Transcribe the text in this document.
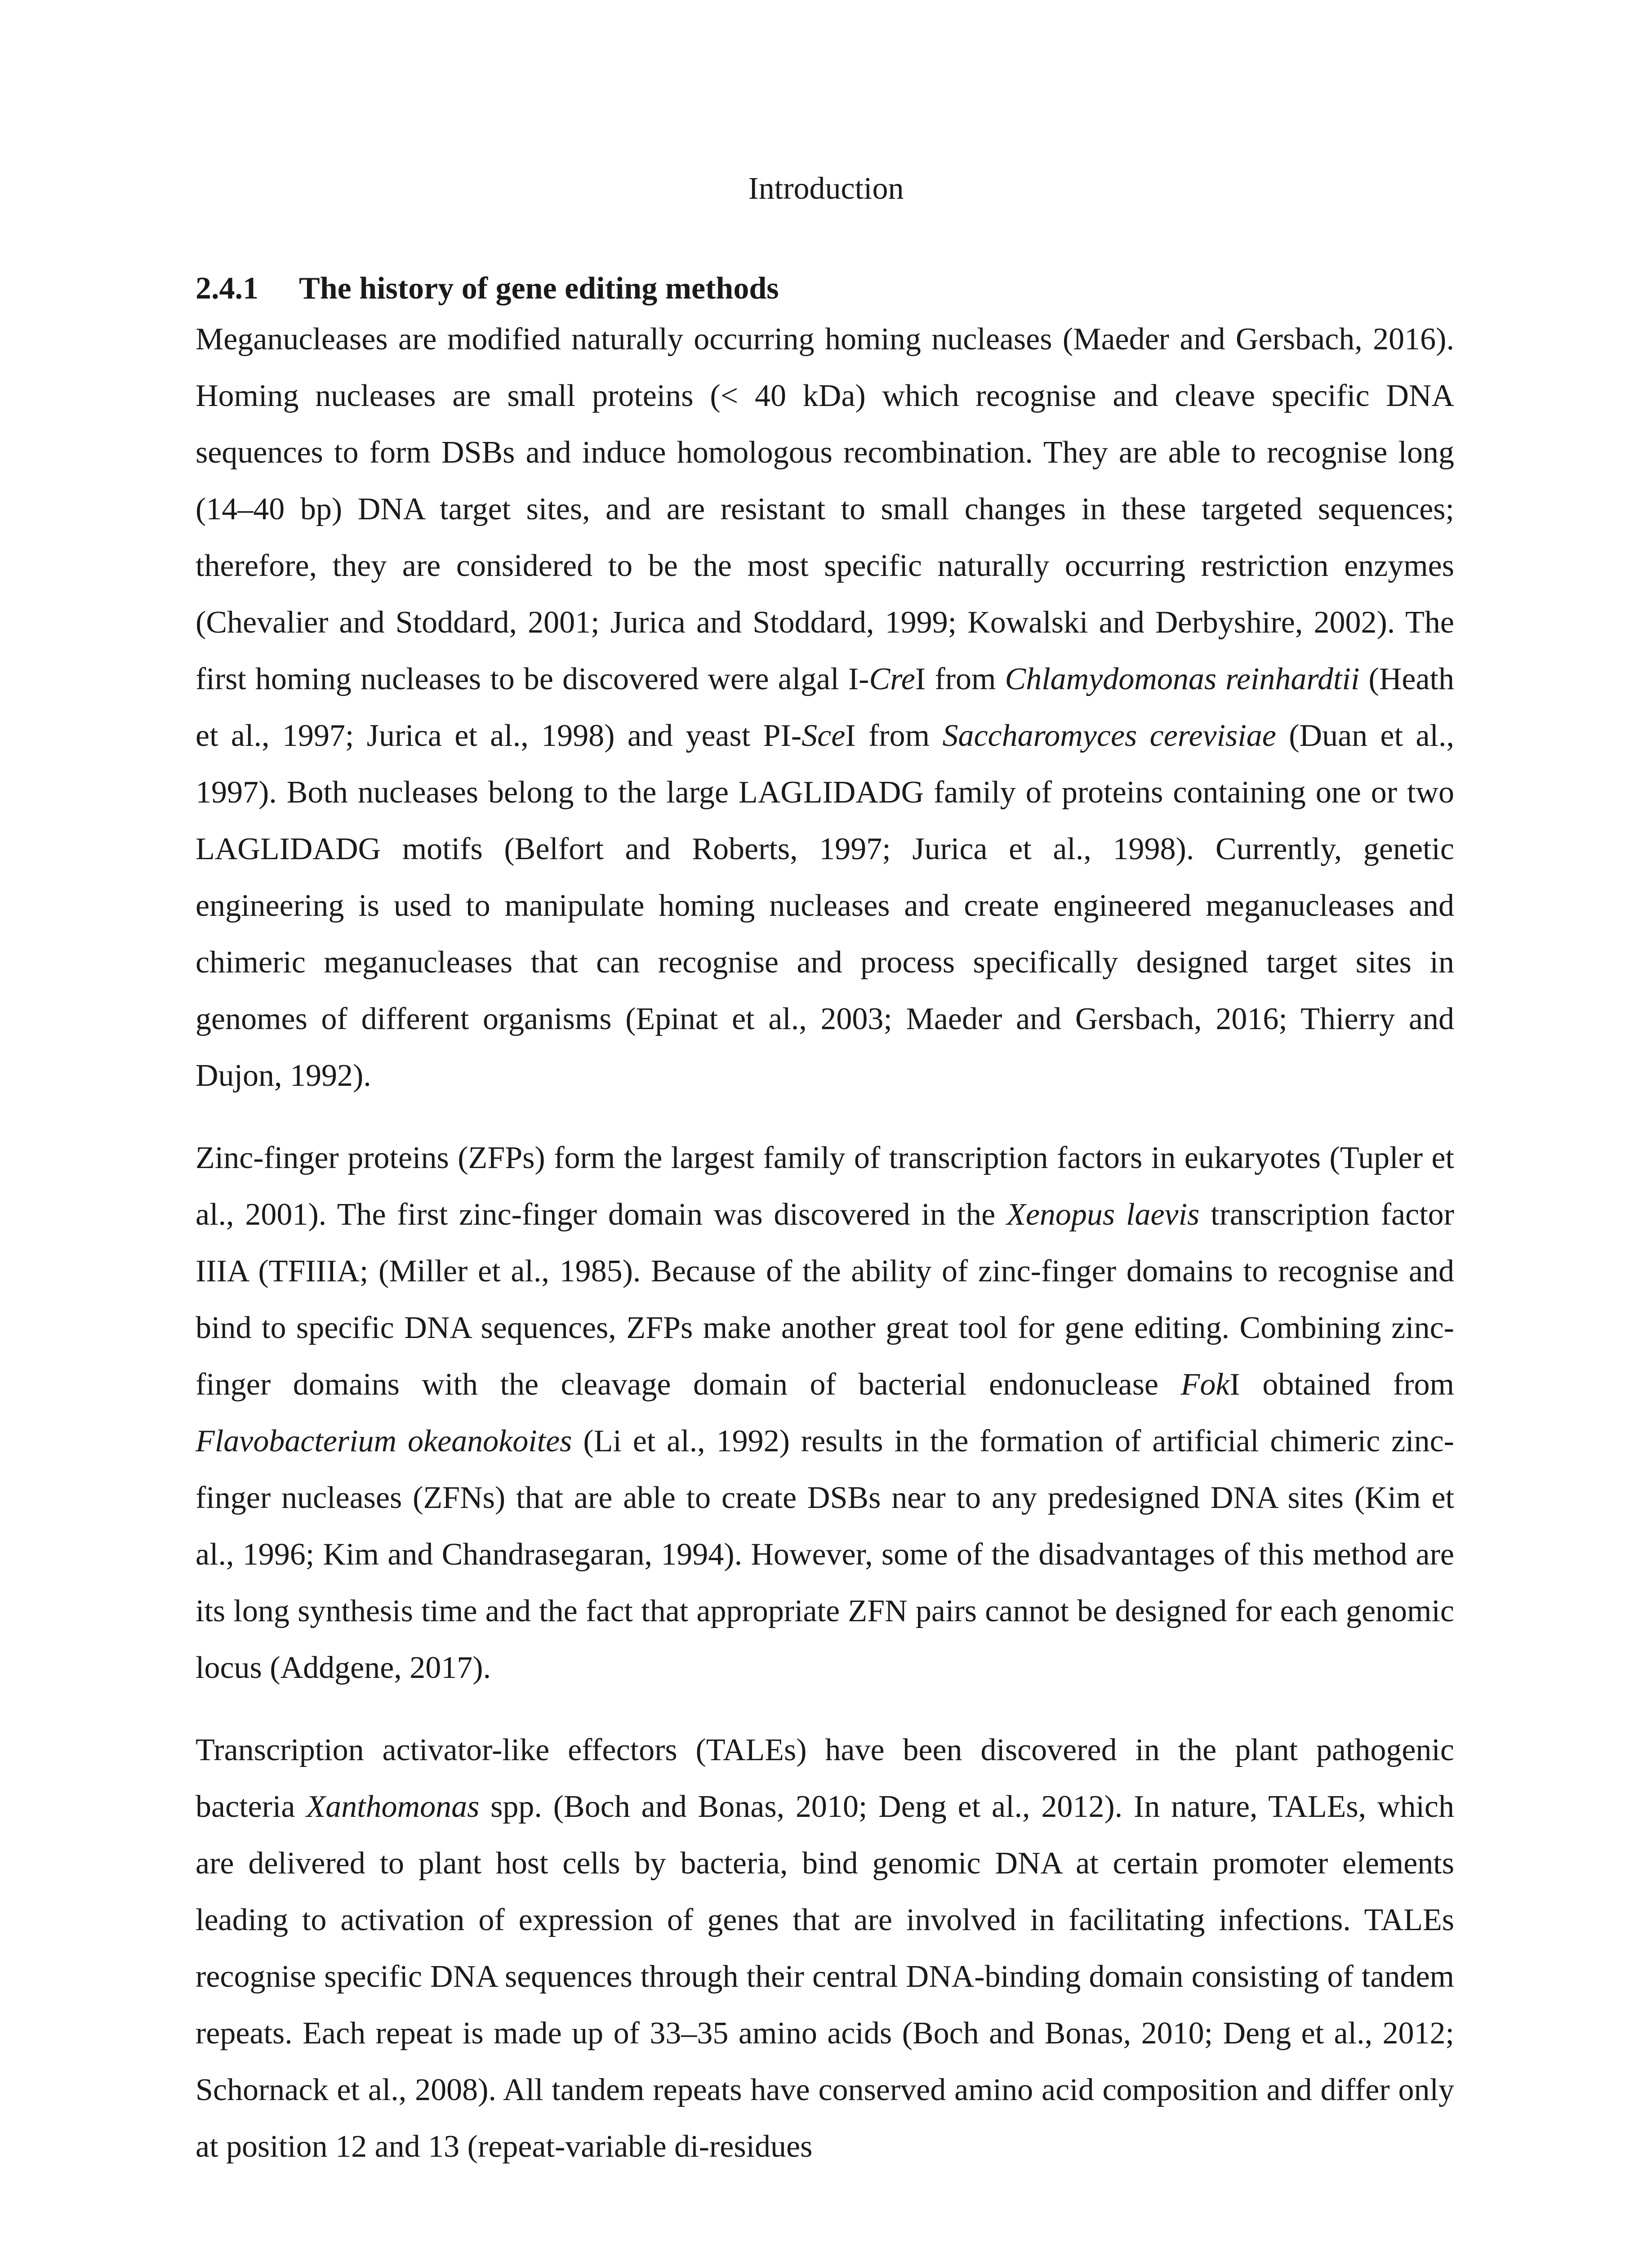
Introduction
2.4.1 The history of gene editing methods

Meganucleases are modified naturally occurring homing nucleases (Maeder and Gersbach, 2016). Homing nucleases are small proteins (< 40 kDa) which recognise and cleave specific DNA sequences to form DSBs and induce homologous recombination. They are able to recognise long (14–40 bp) DNA target sites, and are resistant to small changes in these targeted sequences; therefore, they are considered to be the most specific naturally occurring restriction enzymes (Chevalier and Stoddard, 2001; Jurica and Stoddard, 1999; Kowalski and Derbyshire, 2002). The first homing nucleases to be discovered were algal I-CreI from Chlamydomonas reinhardtii (Heath et al., 1997; Jurica et al., 1998) and yeast PI-SceI from Saccharomyces cerevisiae (Duan et al., 1997). Both nucleases belong to the large LAGLIDADG family of proteins containing one or two LAGLIDADG motifs (Belfort and Roberts, 1997; Jurica et al., 1998). Currently, genetic engineering is used to manipulate homing nucleases and create engineered meganucleases and chimeric meganucleases that can recognise and process specifically designed target sites in genomes of different organisms (Epinat et al., 2003; Maeder and Gersbach, 2016; Thierry and Dujon, 1992).

Zinc-finger proteins (ZFPs) form the largest family of transcription factors in eukaryotes (Tupler et al., 2001). The first zinc-finger domain was discovered in the Xenopus laevis transcription factor IIIA (TFIIIA; (Miller et al., 1985). Because of the ability of zinc-finger domains to recognise and bind to specific DNA sequences, ZFPs make another great tool for gene editing. Combining zinc-finger domains with the cleavage domain of bacterial endonuclease FokI obtained from Flavobacterium okeanokoites (Li et al., 1992) results in the formation of artificial chimeric zinc-finger nucleases (ZFNs) that are able to create DSBs near to any predesigned DNA sites (Kim et al., 1996; Kim and Chandrasegaran, 1994). However, some of the disadvantages of this method are its long synthesis time and the fact that appropriate ZFN pairs cannot be designed for each genomic locus (Addgene, 2017).

Transcription activator-like effectors (TALEs) have been discovered in the plant pathogenic bacteria Xanthomonas spp. (Boch and Bonas, 2010; Deng et al., 2012). In nature, TALEs, which are delivered to plant host cells by bacteria, bind genomic DNA at certain promoter elements leading to activation of expression of genes that are involved in facilitating infections. TALEs recognise specific DNA sequences through their central DNA-binding domain consisting of tandem repeats. Each repeat is made up of 33–35 amino acids (Boch and Bonas, 2010; Deng et al., 2012; Schornack et al., 2008). All tandem repeats have conserved amino acid composition and differ only at position 12 and 13 (repeat-variable di-residues
